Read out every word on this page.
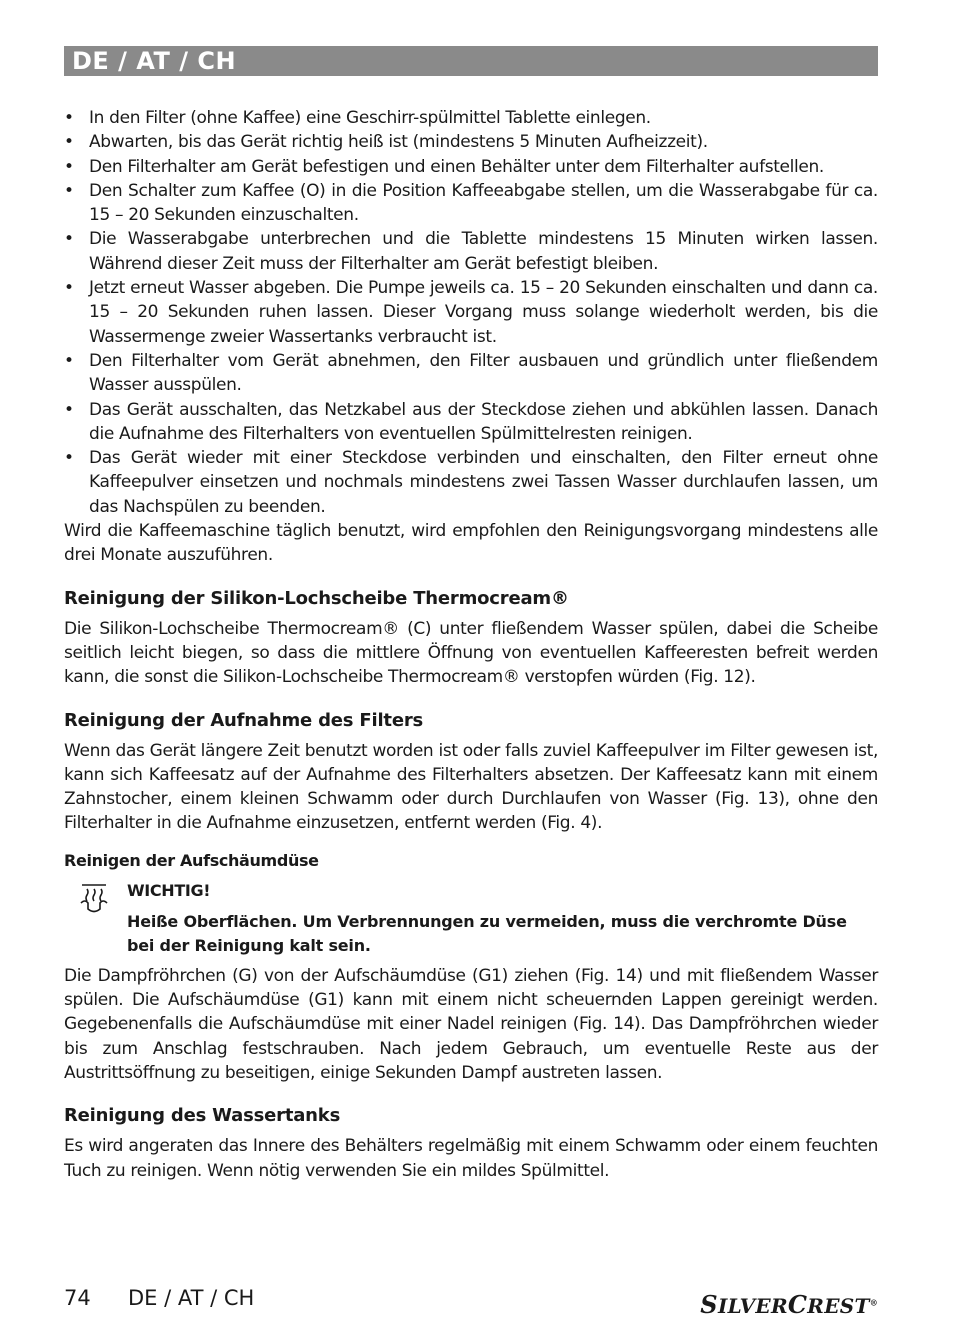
DE / AT / CH
• In den Filter (ohne Kaffee) eine Geschirr-spülmittel Tablette einlegen.
• Abwarten, bis das Gerät richtig heiß ist (mindestens 5 Minuten Aufheizzeit).
• Den Filterhalter am Gerät befestigen und einen Behälter unter dem Filterhalter aufstellen.
• Den Schalter zum Kaffee (O) in die Position Kaffeeabgabe stellen, um die Wasserabgabe für ca. 15 – 20 Sekunden einzuschalten.
• Die Wasserabgabe unterbrechen und die Tablette mindestens 15 Minuten wirken lassen. Während dieser Zeit muss der Filterhalter am Gerät befestigt bleiben.
• Jetzt erneut Wasser abgeben. Die Pumpe jeweils ca. 15 – 20 Sekunden einschalten und dann ca. 15 – 20 Sekunden ruhen lassen. Dieser Vorgang muss solange wiederholt werden, bis die Wassermenge zweier Wassertanks verbraucht ist.
• Den Filterhalter vom Gerät abnehmen, den Filter ausbauen und gründlich unter fließendem Wasser ausspülen.
• Das Gerät ausschalten, das Netzkabel aus der Steckdose ziehen und abkühlen lassen. Danach die Aufnahme des Filterhalters von eventuellen Spülmittelresten reinigen.
• Das Gerät wieder mit einer Steckdose verbinden und einschalten, den Filter erneut ohne Kaffeepulver einsetzen und nochmals mindestens zwei Tassen Wasser durchlaufen lassen, um das Nachspülen zu beenden.

Wird die Kaffeemaschine täglich benutzt, wird empfohlen den Reinigungsvorgang mindestens alle drei Monate auszuführen.

Reinigung der Silikon-Lochscheibe Thermocream®

Die Silikon-Lochscheibe Thermocream® (C) unter fließendem Wasser spülen, dabei die Scheibe seitlich leicht biegen, so dass die mittlere Öffnung von eventuellen Kaffeeresten befreit werden kann, die sonst die Silikon-Lochscheibe Thermocream® verstopfen würden (Fig. 12).

Reinigung der Aufnahme des Filters

Wenn das Gerät längere Zeit benutzt worden ist oder falls zuviel Kaffeepulver im Filter gewesen ist, kann sich Kaffeesatz auf der Aufnahme des Filterhalters absetzen. Der Kaffeesatz kann mit einem Zahnstocher, einem kleinen Schwamm oder durch Durchlaufen von Wasser (Fig. 13), ohne den Filterhalter in die Aufnahme einzusetzen, entfernt werden (Fig. 4).

Reinigen der Aufschäumdüse
WICHTIG!
Heiße Oberflächen. Um Verbrennungen zu vermeiden, muss die verchromte Düse bei der Reinigung kalt sein.

Die Dampfröhrchen (G) von der Aufschäumdüse (G1) ziehen (Fig. 14) und mit fließendem Wasser spülen. Die Aufschäumdüse (G1) kann mit einem nicht scheuernden Lappen gereinigt werden. Gegebenenfalls die Aufschäumdüse mit einer Nadel reinigen (Fig. 14). Das Dampfröhrchen wieder bis zum Anschlag festschrauben. Nach jedem Gebrauch, um eventuelle Reste aus der Austrittsöffnung zu beseitigen, einige Sekunden Dampf austreten lassen.

Reinigung des Wassertanks

Es wird angeraten das Innere des Behälters regelmäßig mit einem Schwamm oder einem feuchten Tuch zu reinigen. Wenn nötig verwenden Sie ein mildes Spülmittel.

74 DE / AT / CH	SILVERCREST®
